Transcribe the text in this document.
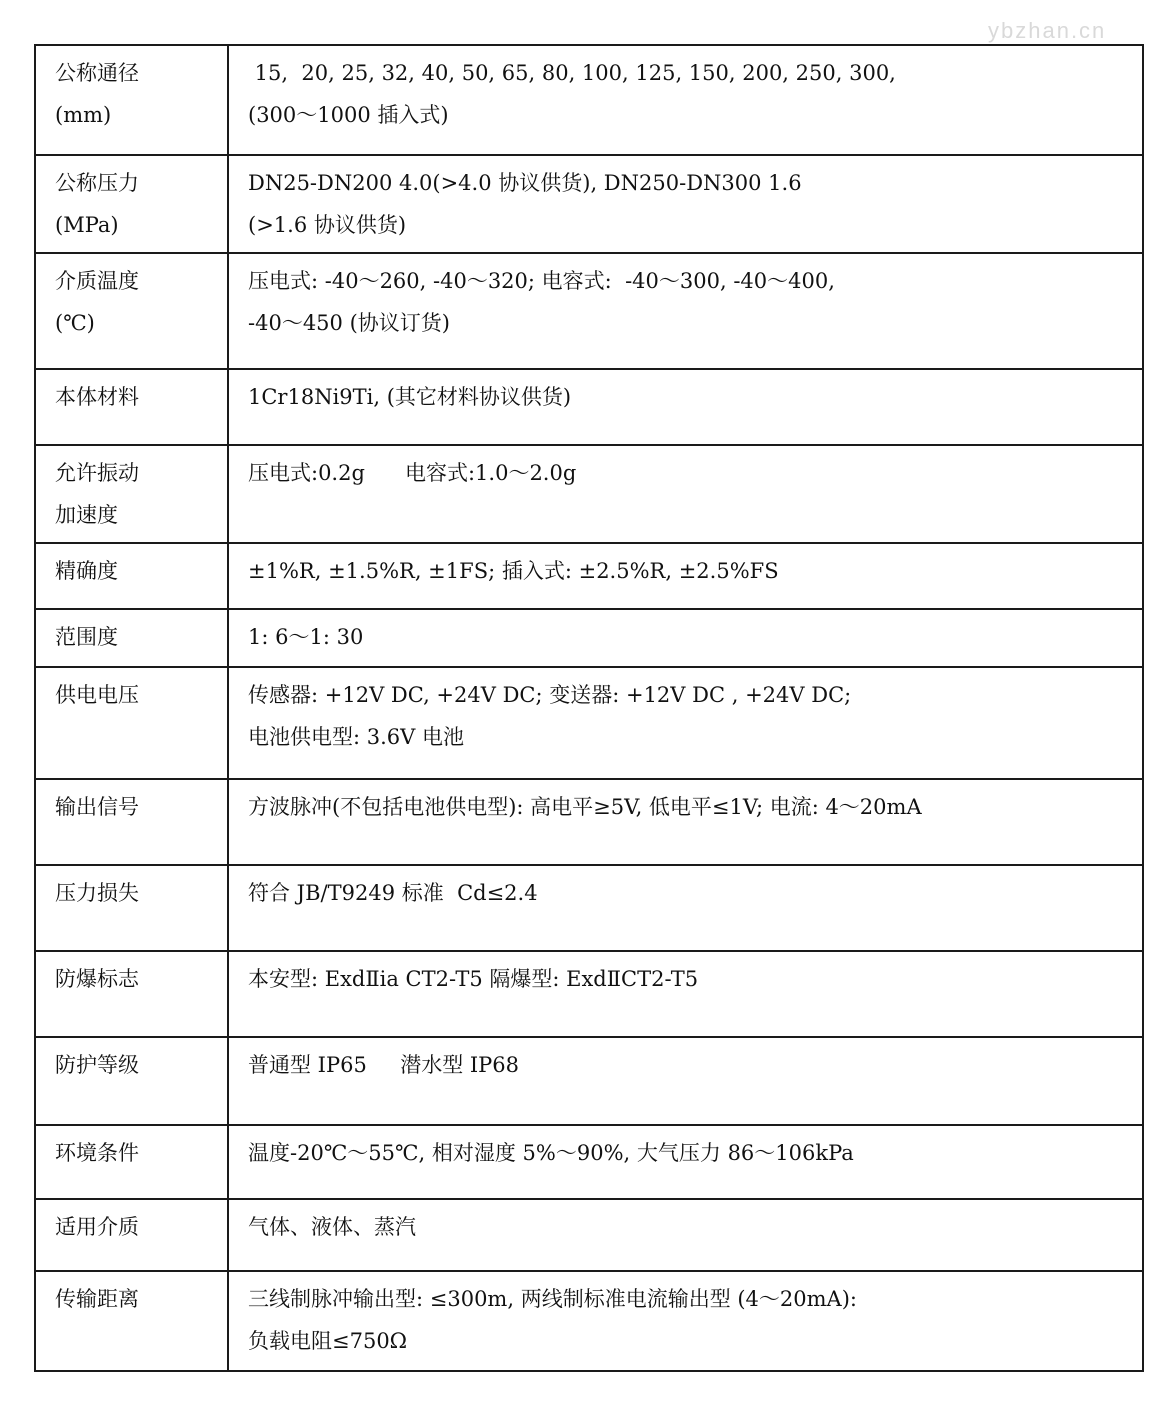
ybzhan.cn
公称通径
(mm)	15,  20, 25, 32, 40, 50, 65, 80, 100, 125, 150, 200, 250, 300,
(300～1000 插入式)

公称压力
(MPa)	DN25-DN200 4.0(>4.0 协议供货), DN250-DN300 1.6
(>1.6 协议供货)

介质温度
(℃)	压电式: -40～260, -40～320; 电容式:  -40～300, -40～400,
-40～450 (协议订货)

本体材料	1Cr18Ni9Ti, (其它材料协议供货)

允许振动
加速度	压电式:0.2g      电容式:1.0～2.0g

精确度	±1%R, ±1.5%R, ±1FS; 插入式: ±2.5%R, ±2.5%FS

范围度	1: 6～1: 30

供电电压	传感器: +12V DC, +24V DC; 变送器: +12V DC , +24V DC;
电池供电型: 3.6V 电池

输出信号	方波脉冲(不包括电池供电型): 高电平≥5V, 低电平≤1V; 电流: 4～20mA

压力损失	符合 JB/T9249 标准  Cd≤2.4

防爆标志	本安型: ExdⅡia CT2-T5 隔爆型: ExdⅡCT2-T5

防护等级	普通型 IP65     潜水型 IP68

环境条件	温度-20℃～55℃, 相对湿度 5%～90%, 大气压力 86～106kPa

适用介质	气体、液体、蒸汽

传输距离	三线制脉冲输出型: ≤300m, 两线制标准电流输出型 (4～20mA):
负载电阻≤750Ω
